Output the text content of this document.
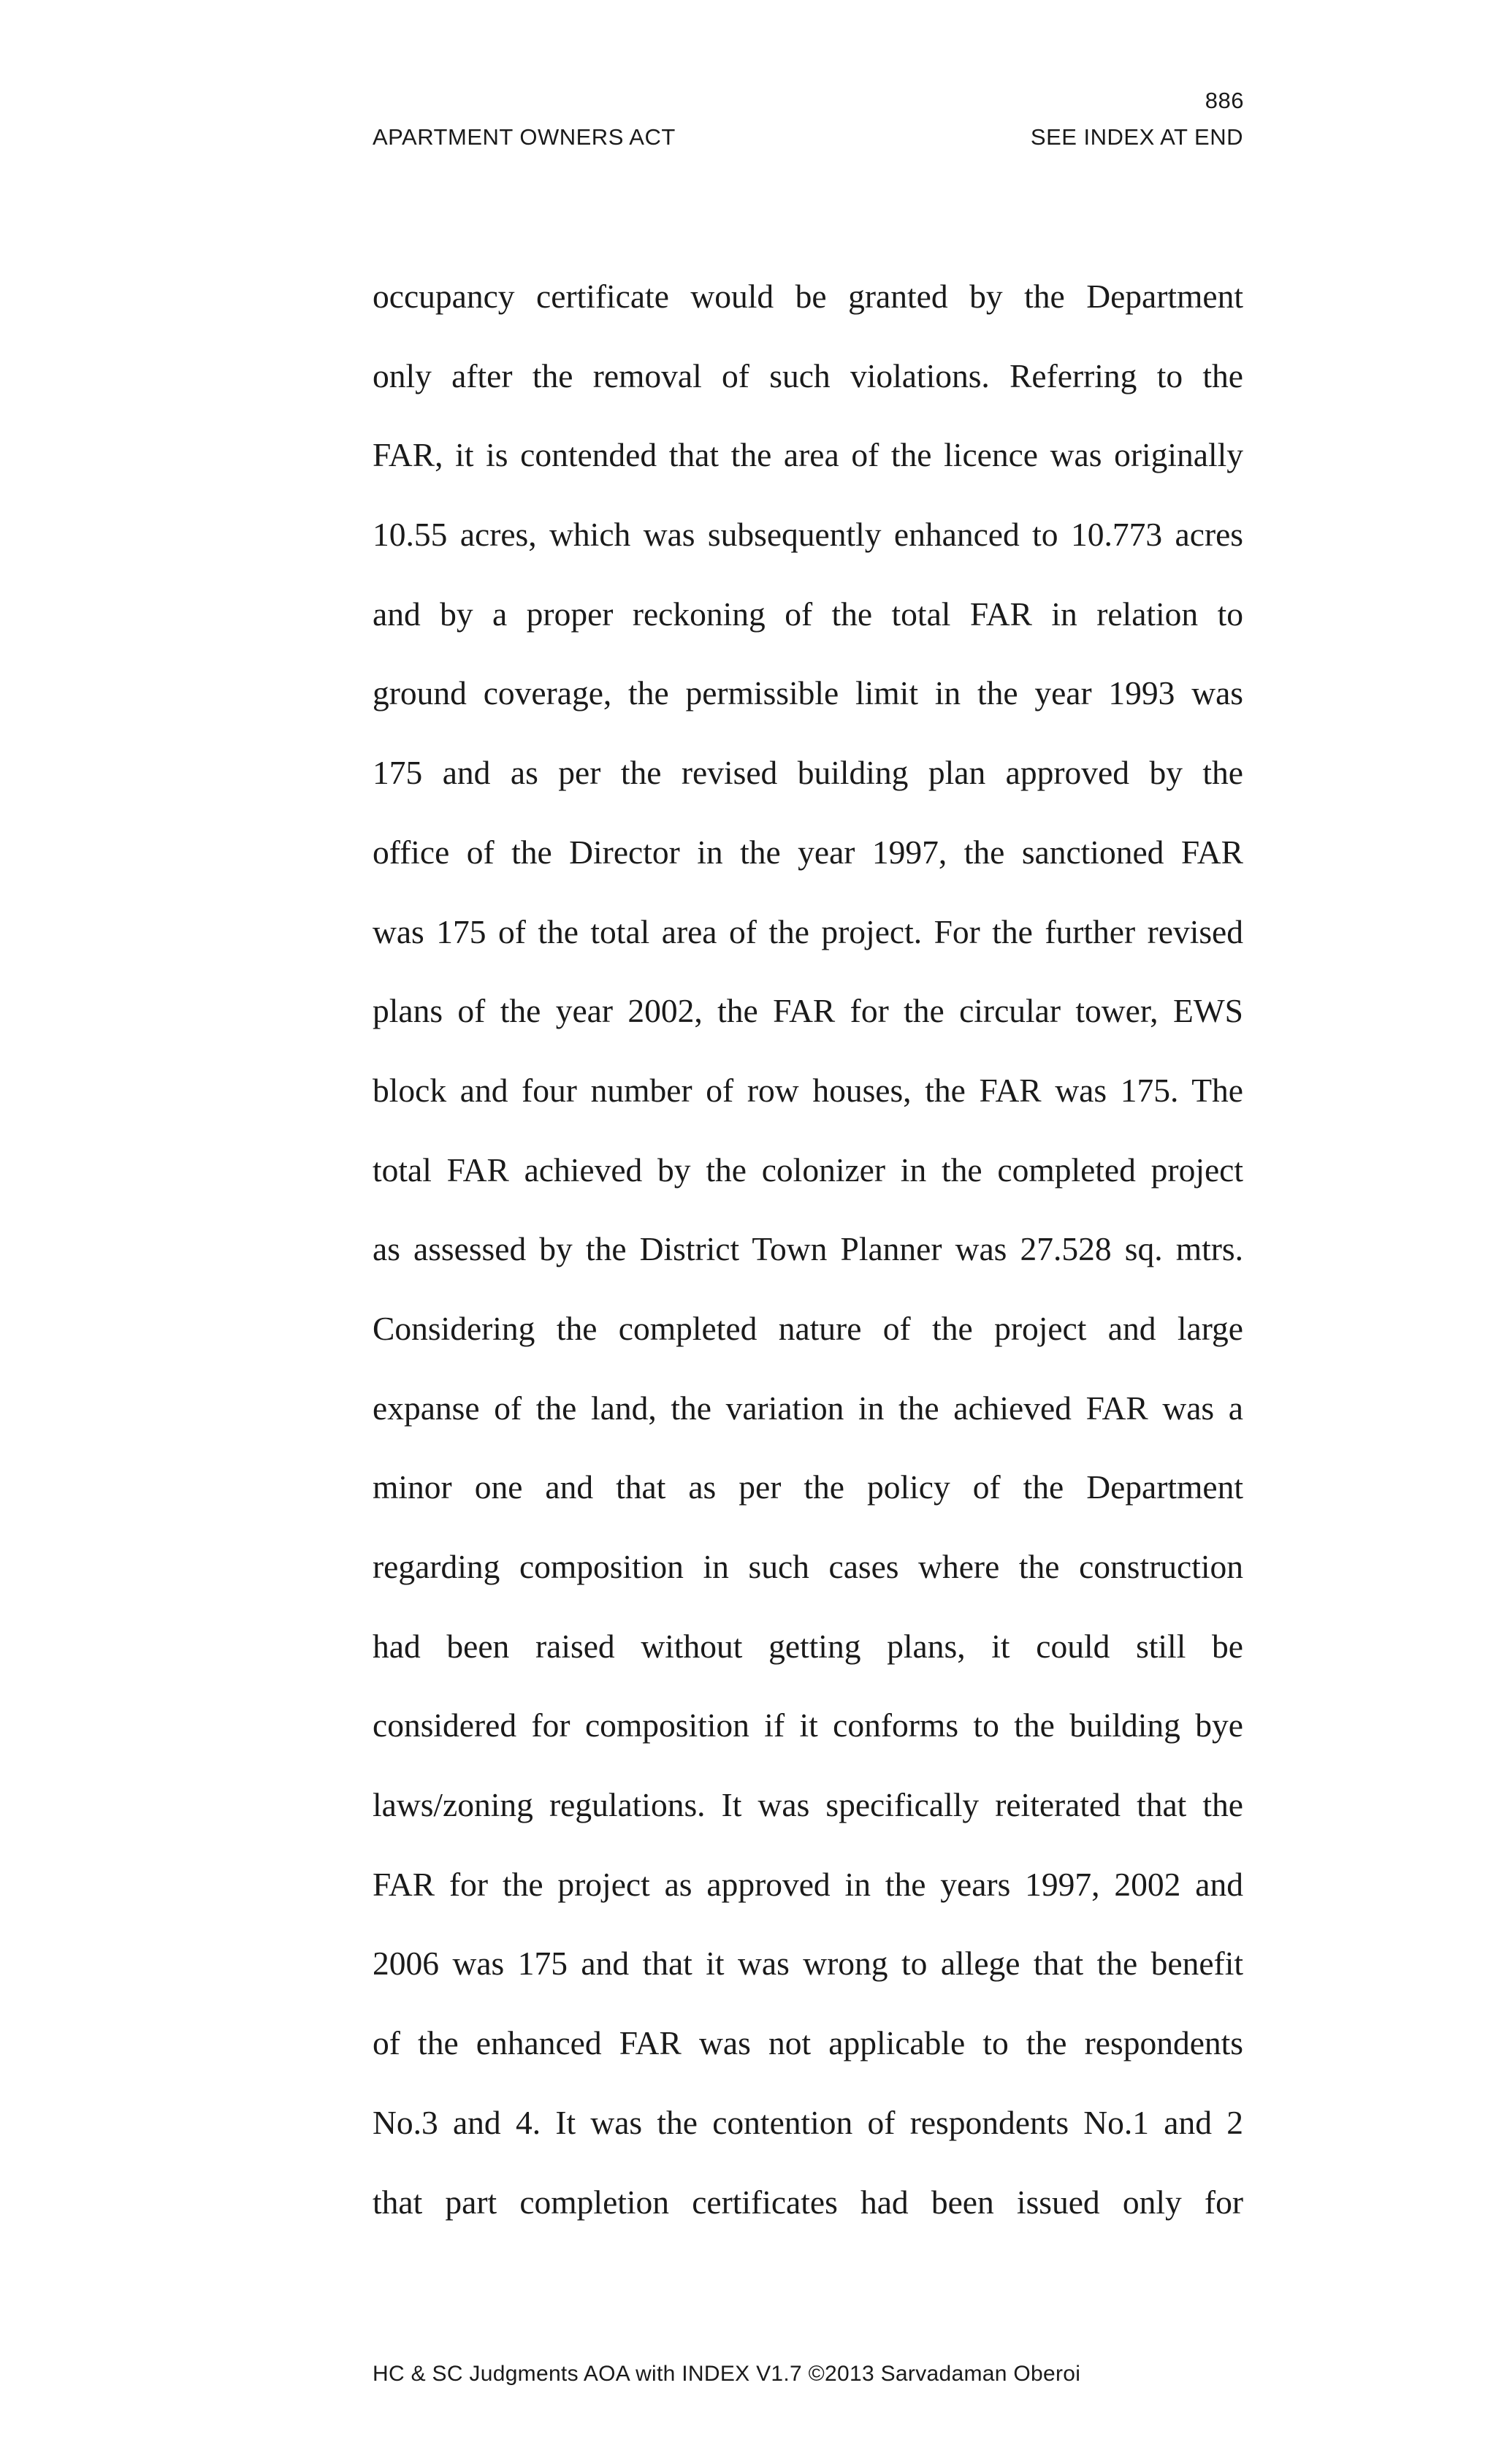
886
APARTMENT OWNERS ACT	SEE INDEX AT END
occupancy certificate would be granted by the Department
only after the removal of such violations. Referring to the
FAR, it is contended that the area of the licence was originally
10.55 acres, which was subsequently enhanced to 10.773 acres
and by a proper reckoning of the total FAR in relation to
ground coverage, the permissible limit in the year 1993 was
175 and as per the revised building plan approved by the
office of the Director in the year 1997, the sanctioned FAR
was 175 of the total area of the project. For the further revised
plans of the year 2002, the FAR for the circular tower, EWS
block and four number of row houses, the FAR was 175. The
total FAR achieved by the colonizer in the completed project
as assessed by the District Town Planner was 27.528 sq. mtrs.
Considering the completed nature of the project and large
expanse of the land, the variation in the achieved FAR was a
minor one and that as per the policy of the Department
regarding composition in such cases where the construction
had been raised without getting plans, it could still be
considered for composition if it conforms to the building bye
laws/zoning regulations. It was specifically reiterated that the
FAR for the project as approved in the years 1997, 2002 and
2006 was 175 and that it was wrong to allege that the benefit
of the enhanced FAR was not applicable to the respondents
No.3 and 4. It was the contention of respondents No.1 and 2
that part completion certificates had been issued only for
HC & SC Judgments AOA with INDEX V1.7 ©2013 Sarvadaman Oberoi
